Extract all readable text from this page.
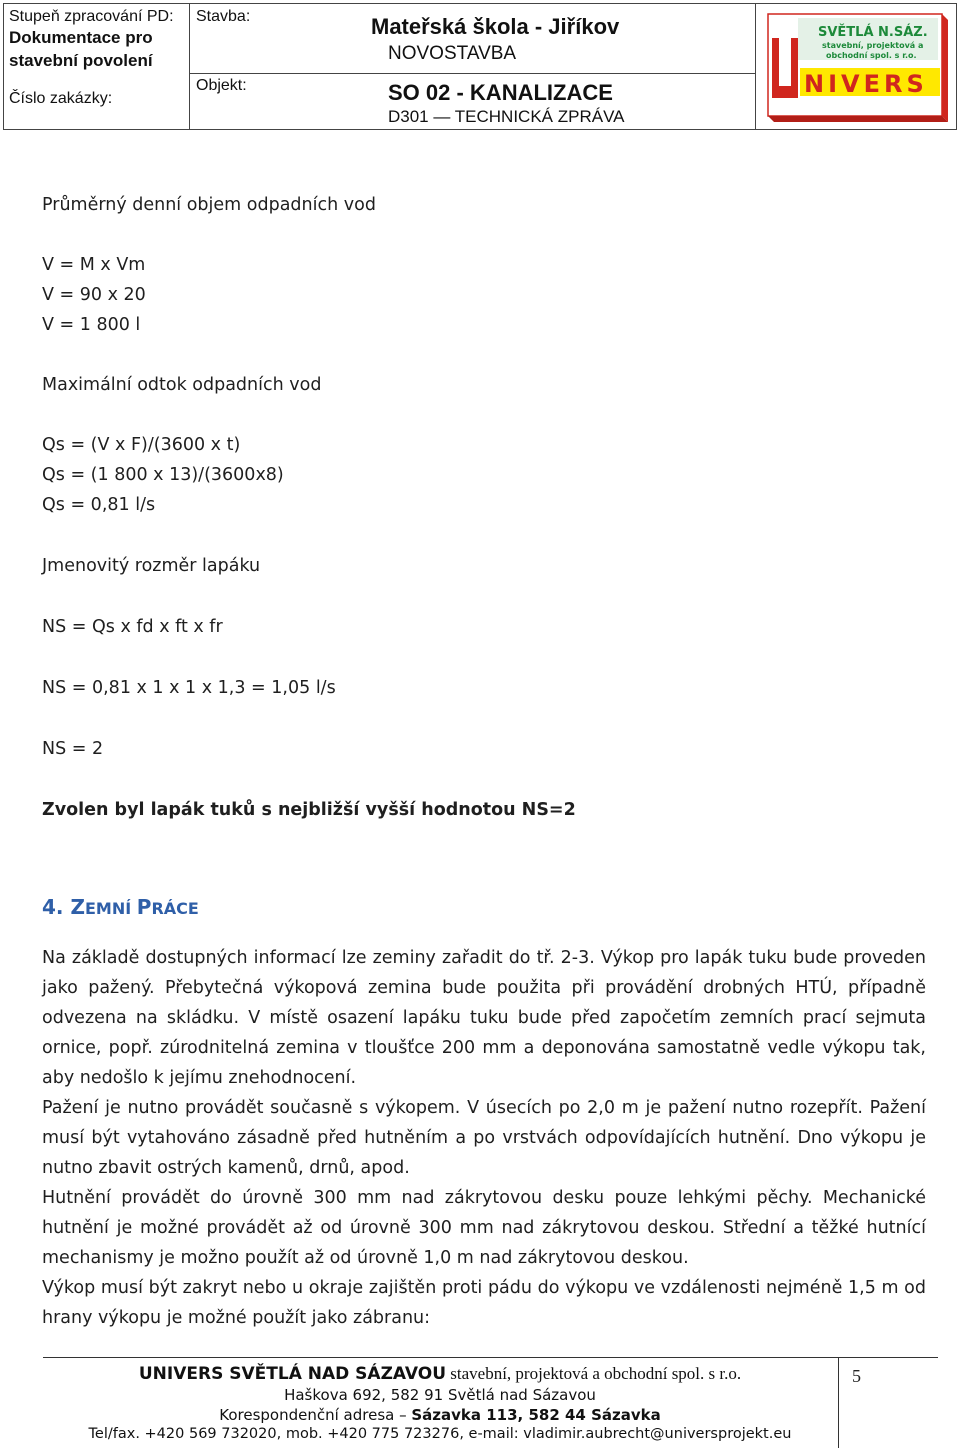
Stupeň zpracování PD:
Dokumentace pro
stavební povolení
Číslo zakázky:
Stavba:	Mateřská škola - Jiříkov
NOVOSTAVBA
Objekt:	SO 02 - KANALIZACE
D301 — TECHNICKÁ ZPRÁVA
SVĚTLÁ N.SÁZ.
stavební, projektová a
obchodní spol. s r.o.
NIVERS
Průměrný denní objem odpadních vod
V = M x Vm
V = 90 x 20
V = 1 800 l
Maximální odtok odpadních vod
Qs = (V x F)/(3600 x t)
Qs = (1 800 x 13)/(3600x8)
Qs = 0,81 l/s
Jmenovitý rozměr lapáku
NS = Qs x fd x ft x fr
NS = 0,81 x 1 x 1 x 1,3 = 1,05 l/s
NS = 2
Zvolen byl lapák tuků s nejbližší vyšší hodnotou NS=2
4. ZEMNÍ PRÁCE
Na základě dostupných informací lze zeminy zařadit do tř. 2-3. Výkop pro lapák tuku bude proveden jako pažený. Přebytečná výkopová zemina bude použita při provádění drobných HTÚ, případně odvezena na skládku. V místě osazení lapáku tuku bude před započetím zemních prací sejmuta ornice, popř. zúrodnitelná zemina v tloušťce 200 mm a deponována samostatně vedle výkopu tak, aby nedošlo k jejímu znehodnocení.
Pažení je nutno provádět současně s výkopem. V úsecích po 2,0 m je pažení nutno rozepřít. Pažení musí být vytahováno zásadně před hutněním a po vrstvách odpovídajících hutnění. Dno výkopu je nutno zbavit ostrých kamenů, drnů, apod.
Hutnění provádět do úrovně 300 mm nad zákrytovou desku pouze lehkými pěchy. Mechanické hutnění je možné provádět až od úrovně 300 mm nad zákrytovou deskou. Střední a těžké hutnící mechanismy je možno použít až od úrovně 1,0 m nad zákrytovou deskou.
Výkop musí být zakryt nebo u okraje zajištěn proti pádu do výkopu ve vzdálenosti nejméně 1,5 m od hrany výkopu je možné použít jako zábranu:
5
UNIVERS SVĚTLÁ NAD SÁZAVOU stavební, projektová a obchodní spol. s r.o.
Haškova 692, 582 91 Světlá nad Sázavou
Korespondenční adresa – Sázavka 113, 582 44 Sázavka
Tel/fax. +420 569 732020, mob. +420 775 723276, e-mail: vladimir.aubrecht@universprojekt.eu
